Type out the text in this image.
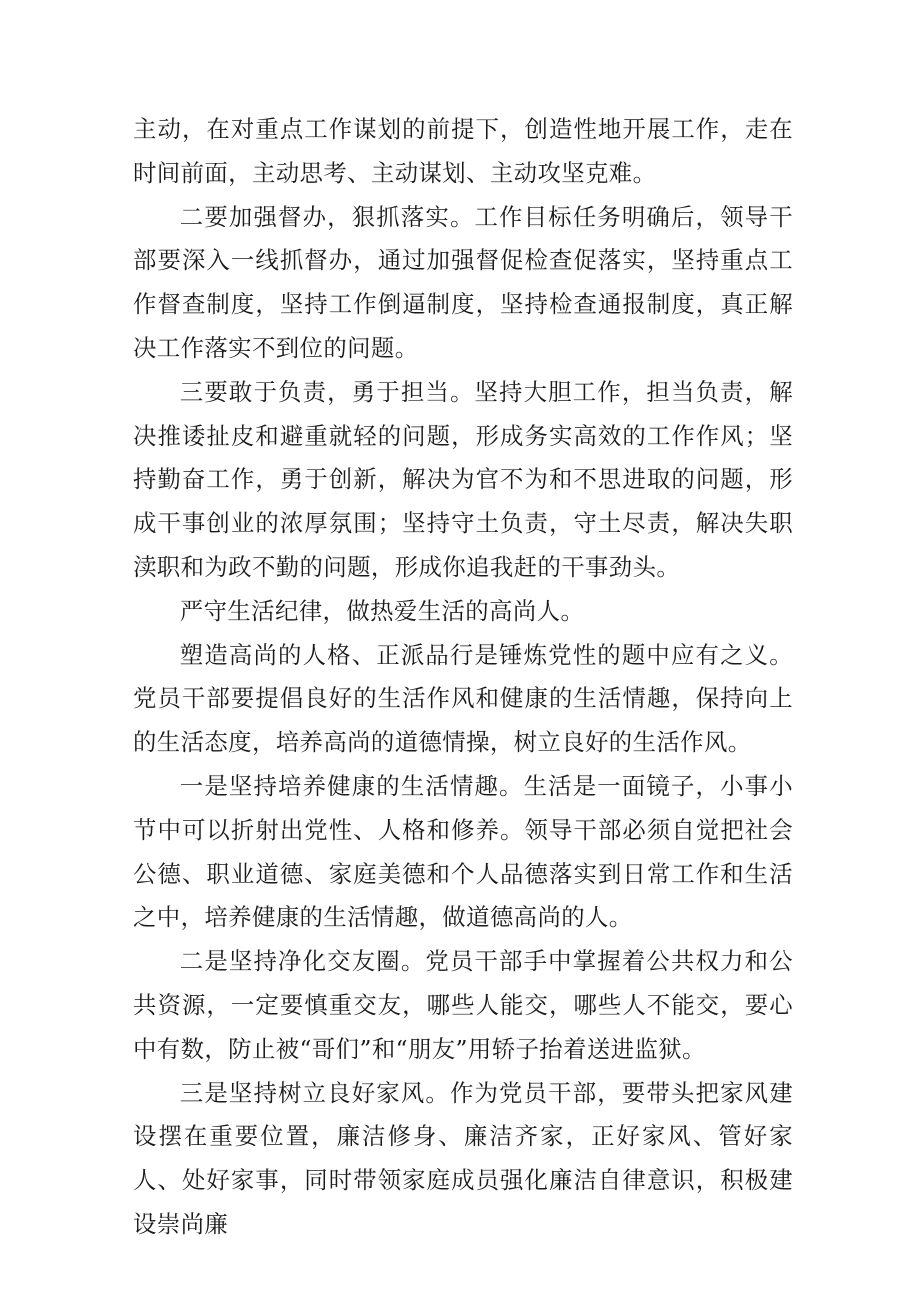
主动，在对重点工作谋划的前提下，创造性地开展工作，走在时间前面，主动思考、主动谋划、主动攻坚克难。

二要加强督办，狠抓落实。工作目标任务明确后，领导干部要深入一线抓督办，通过加强督促检查促落实，坚持重点工作督查制度，坚持工作倒逼制度，坚持检查通报制度，真正解决工作落实不到位的问题。

三要敢于负责，勇于担当。坚持大胆工作，担当负责，解决推诿扯皮和避重就轻的问题，形成务实高效的工作作风；坚持勤奋工作，勇于创新，解决为官不为和不思进取的问题，形成干事创业的浓厚氛围；坚持守土负责，守土尽责，解决失职渎职和为政不勤的问题，形成你追我赶的干事劲头。

严守生活纪律，做热爱生活的高尚人。

塑造高尚的人格、正派品行是锤炼党性的题中应有之义。党员干部要提倡良好的生活作风和健康的生活情趣，保持向上的生活态度，培养高尚的道德情操，树立良好的生活作风。

一是坚持培养健康的生活情趣。生活是一面镜子，小事小节中可以折射出党性、人格和修养。领导干部必须自觉把社会公德、职业道德、家庭美德和个人品德落实到日常工作和生活之中，培养健康的生活情趣，做道德高尚的人。

二是坚持净化交友圈。党员干部手中掌握着公共权力和公共资源，一定要慎重交友，哪些人能交，哪些人不能交，要心中有数，防止被“哥们”和“朋友”用轿子抬着送进监狱。

三是坚持树立良好家风。作为党员干部，要带头把家风建设摆在重要位置，廉洁修身、廉洁齐家，正好家风、管好家人、处好家事，同时带领家庭成员强化廉洁自律意识，积极建设崇尚廉
